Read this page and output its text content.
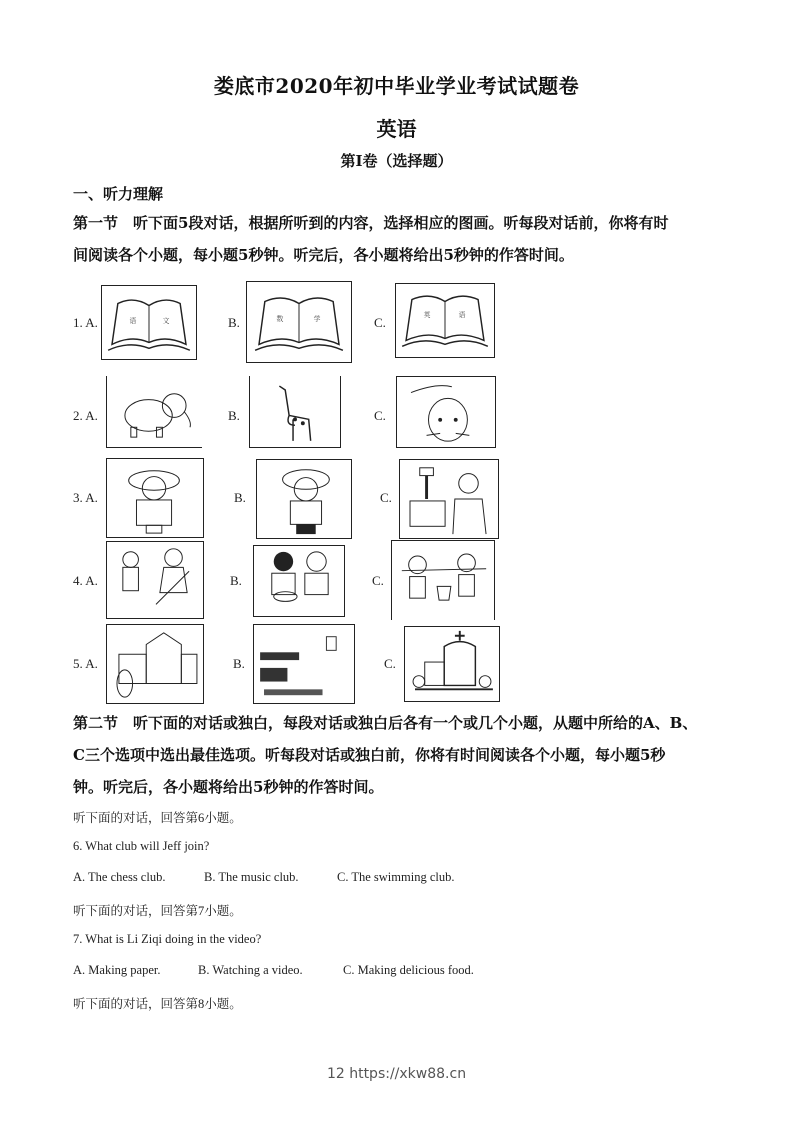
娄底市2020年初中毕业学业考试试题卷
英语
第Ⅰ卷（选择题）
一、听力理解
第一节　听下面5段对话，根据所听到的内容，选择相应的图画。听每段对话前，你将有时
间阅读各个小题，每小题5秒钟。听完后，各小题将给出5秒钟的作答时间。
1. A.	语	文	B.	数	学	C.	英	语
2. A.	B.	C.
3. A.	B.	C.
4. A.	B.	C.
5. A.	B.	C.
第二节　听下面的对话或独白，每段对话或独白后各有一个或几个小题，从题中所给的A、B、
C三个选项中选出最佳选项。听每段对话或独白前，你将有时间阅读各个小题，每小题5秒
钟。听完后，各小题将给出5秒钟的作答时间。
听下面的对话，回答第6小题。
6. What club will Jeff join?
A. The chess club.	B. The music club.	C. The swimming club.
听下面的对话，回答第7小题。
7. What is Li Ziqi doing in the video?
A. Making paper.	B. Watching a video.	C. Making delicious food.
听下面的对话，回答第8小题。
12 https://xkw88.cn
